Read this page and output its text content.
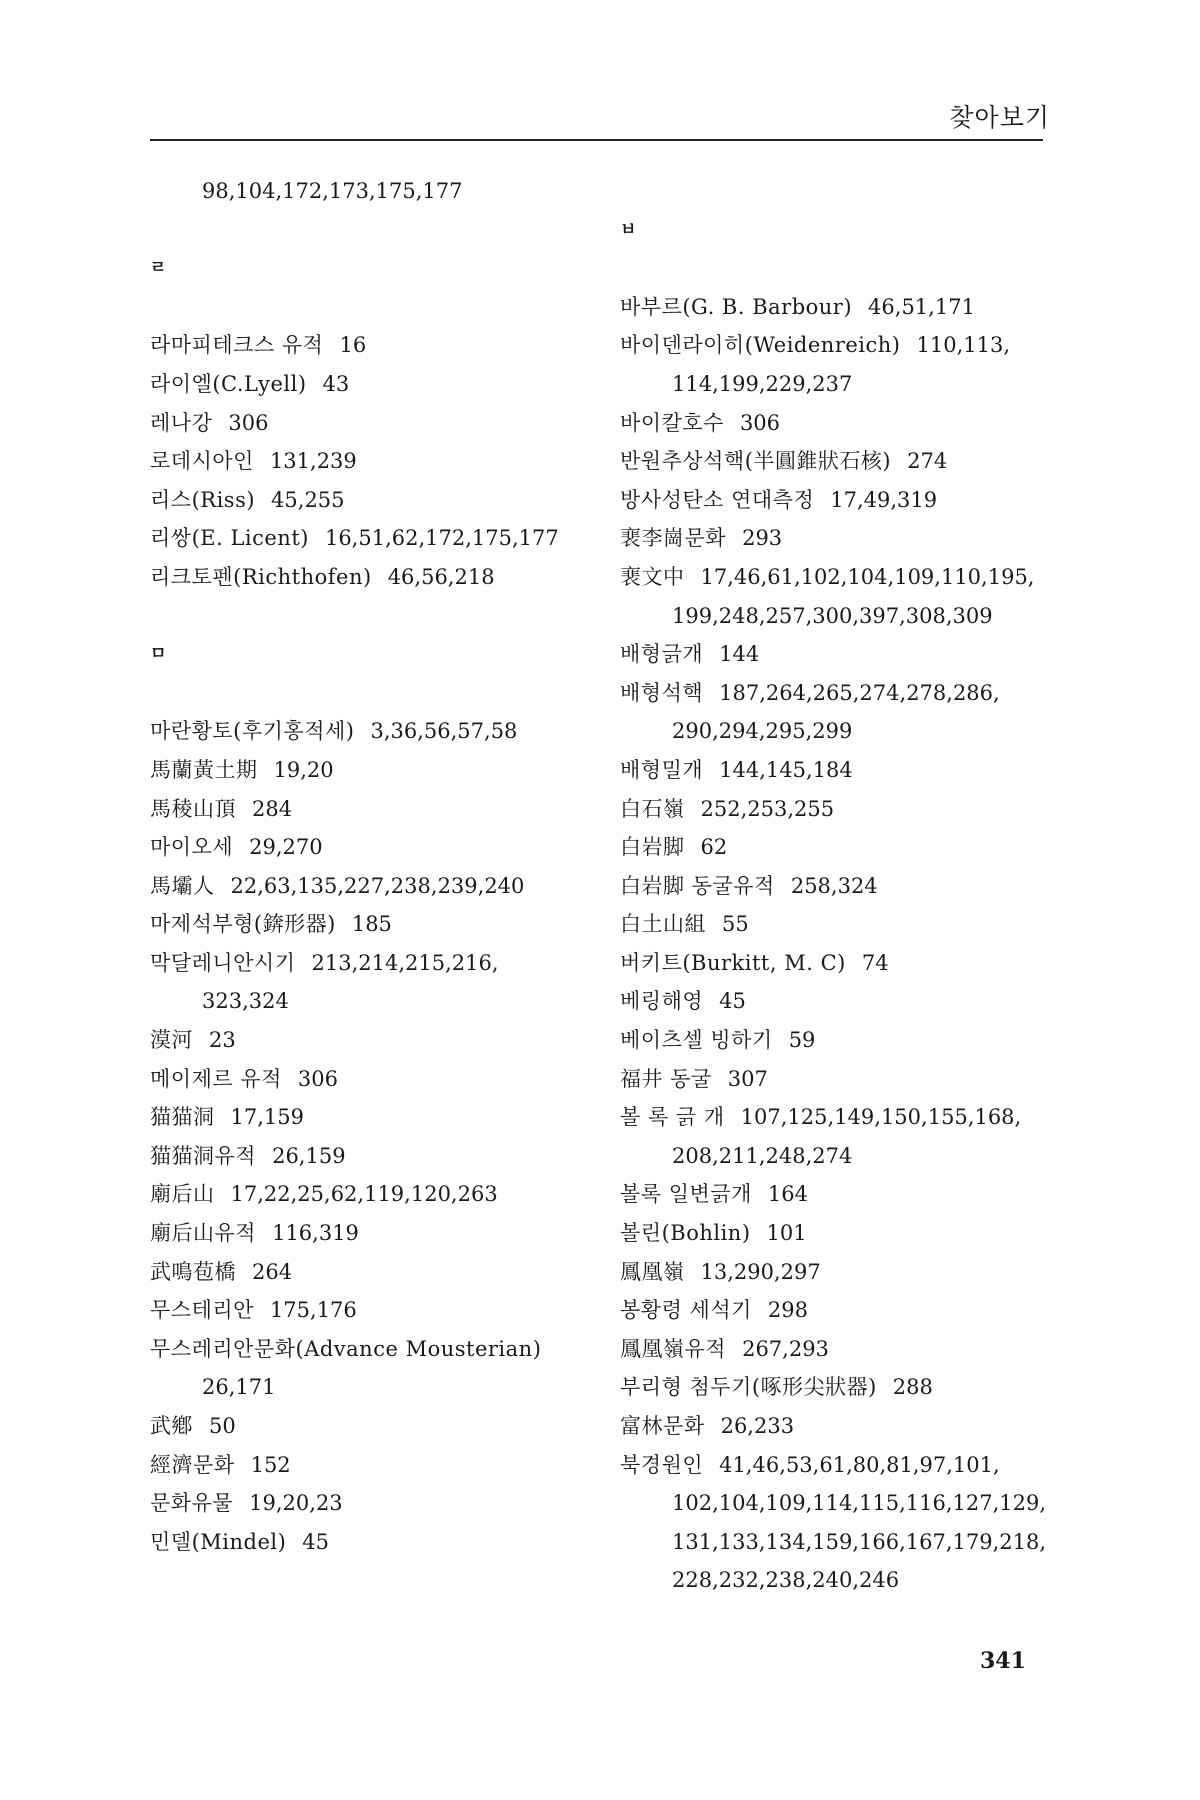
찾아보기
98,104,172,173,175,177
ㄹ
라마피테크스 유적 16
라이엘(C.Lyell) 43
레나강 306
로데시아인 131,239
리스(Riss) 45,255
리쌍(E. Licent) 16,51,62,172,175,177
리크토펜(Richthofen) 46,56,218
ㅁ
마란황토(후기홍적세) 3,36,56,57,58
馬蘭黃土期 19,20
馬稜山頂 284
마이오세 29,270
馬壩人 22,63,135,227,238,239,240
마제석부형(錛形器) 185
막달레니안시기 213,214,215,216,
323,324
漠河 23
메이제르 유적 306
猫猫洞 17,159
猫猫洞유적 26,159
廟后山 17,22,25,62,119,120,263
廟后山유적 116,319
武鳴苞橋 264
무스테리안 175,176
무스레리안문화(Advance Mousterian)
26,171
武鄕 50
經濟문화 152
문화유물 19,20,23
민델(Mindel) 45
ㅂ
바부르(G. B. Barbour) 46,51,171
바이덴라이히(Weidenreich) 110,113,
114,199,229,237
바이칼호수 306
반원추상석핵(半圓錐狀石核) 274
방사성탄소 연대측정 17,49,319
裵李崗문화 293
裵文中 17,46,61,102,104,109,110,195,
199,248,257,300,397,308,309
배형긁개 144
배형석핵 187,264,265,274,278,286,
290,294,295,299
배형밀개 144,145,184
白石嶺 252,253,255
白岩脚 62
白岩脚 동굴유적 258,324
白土山組 55
버키트(Burkitt, M. C) 74
베링해영 45
베이츠셀 빙하기 59
福井 동굴 307
볼 록 긁 개 107,125,149,150,155,168,
208,211,248,274
볼록 일변긁개 164
볼린(Bohlin) 101
鳳凰嶺 13,290,297
봉황령 세석기 298
鳳凰嶺유적 267,293
부리형 첨두기(啄形尖狀器) 288
富林문화 26,233
북경원인 41,46,53,61,80,81,97,101,
102,104,109,114,115,116,127,129,
131,133,134,159,166,167,179,218,
228,232,238,240,246
341
